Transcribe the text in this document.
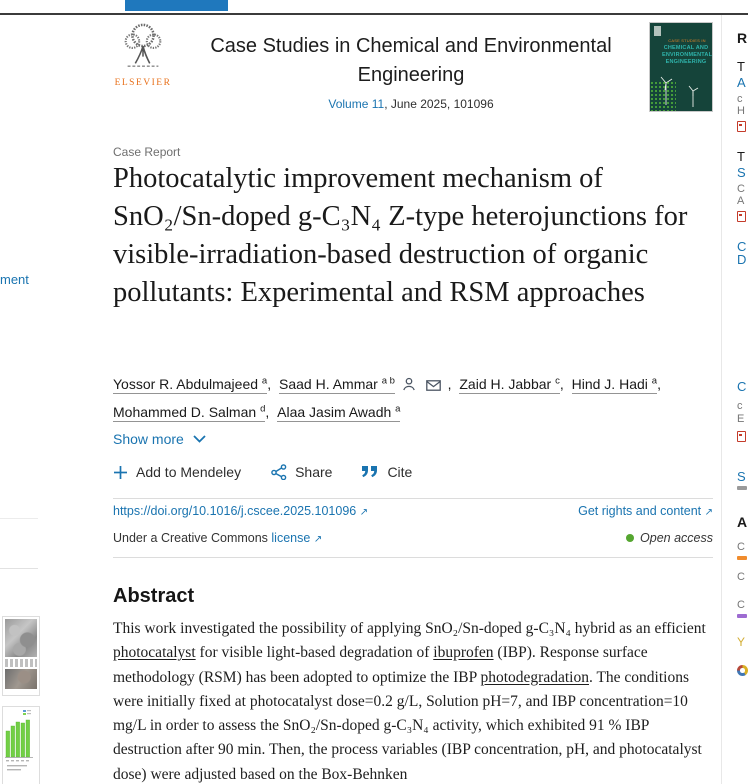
ment
ELSEVIER
Case Studies in Chemical and Environmental
Engineering
Volume 11, June 2025, 101096
CASE STUDIES IN
CHEMICAL AND
ENVIRONMENTAL
ENGINEERING
Case Report
Photocatalytic improvement mechanism of SnO₂/Sn-doped g-C₃N₄ Z-type heterojunctions for visible-irradiation-based destruction of organic pollutants: Experimental and RSM approaches
Yossor R. Abdulmajeed $^a$, Saad H. Ammar $^{a b}$	, Zaid H. Jabbar $^c$, Hind J. Hadi $^a$, Mohammed D. Salman $^d$, Alaa Jasim Awadh $^a$
Show more
Add to Mendeley	Share	Cite
https://doi.org/10.1016/j.cscee.2025.101096 ↗	Get rights and content ↗
Under a Creative Commons license ↗	Open access
Abstract
This work investigated the possibility of applying SnO₂/Sn-doped g-C₃N₄ hybrid as an efficient photocatalyst for visible light-based degradation of ibuprofen (IBP). Response surface methodology (RSM) has been adopted to optimize the IBP photodegradation. The conditions were initially fixed at photocatalyst dose=0.2 g/L, Solution pH=7, and IBP concentration=10 mg/L in order to assess the SnO₂/Sn-doped g-C₃N₄ activity, which exhibited 91 % IBP destruction after 90 min. Then, the process variables (IBP concentration, pH, and photocatalyst dose) were adjusted based on the Box-Behnken
R
T
A
c
H
T
S
C
A
C
D
C
c
E
S
A
C
C
C
Y
